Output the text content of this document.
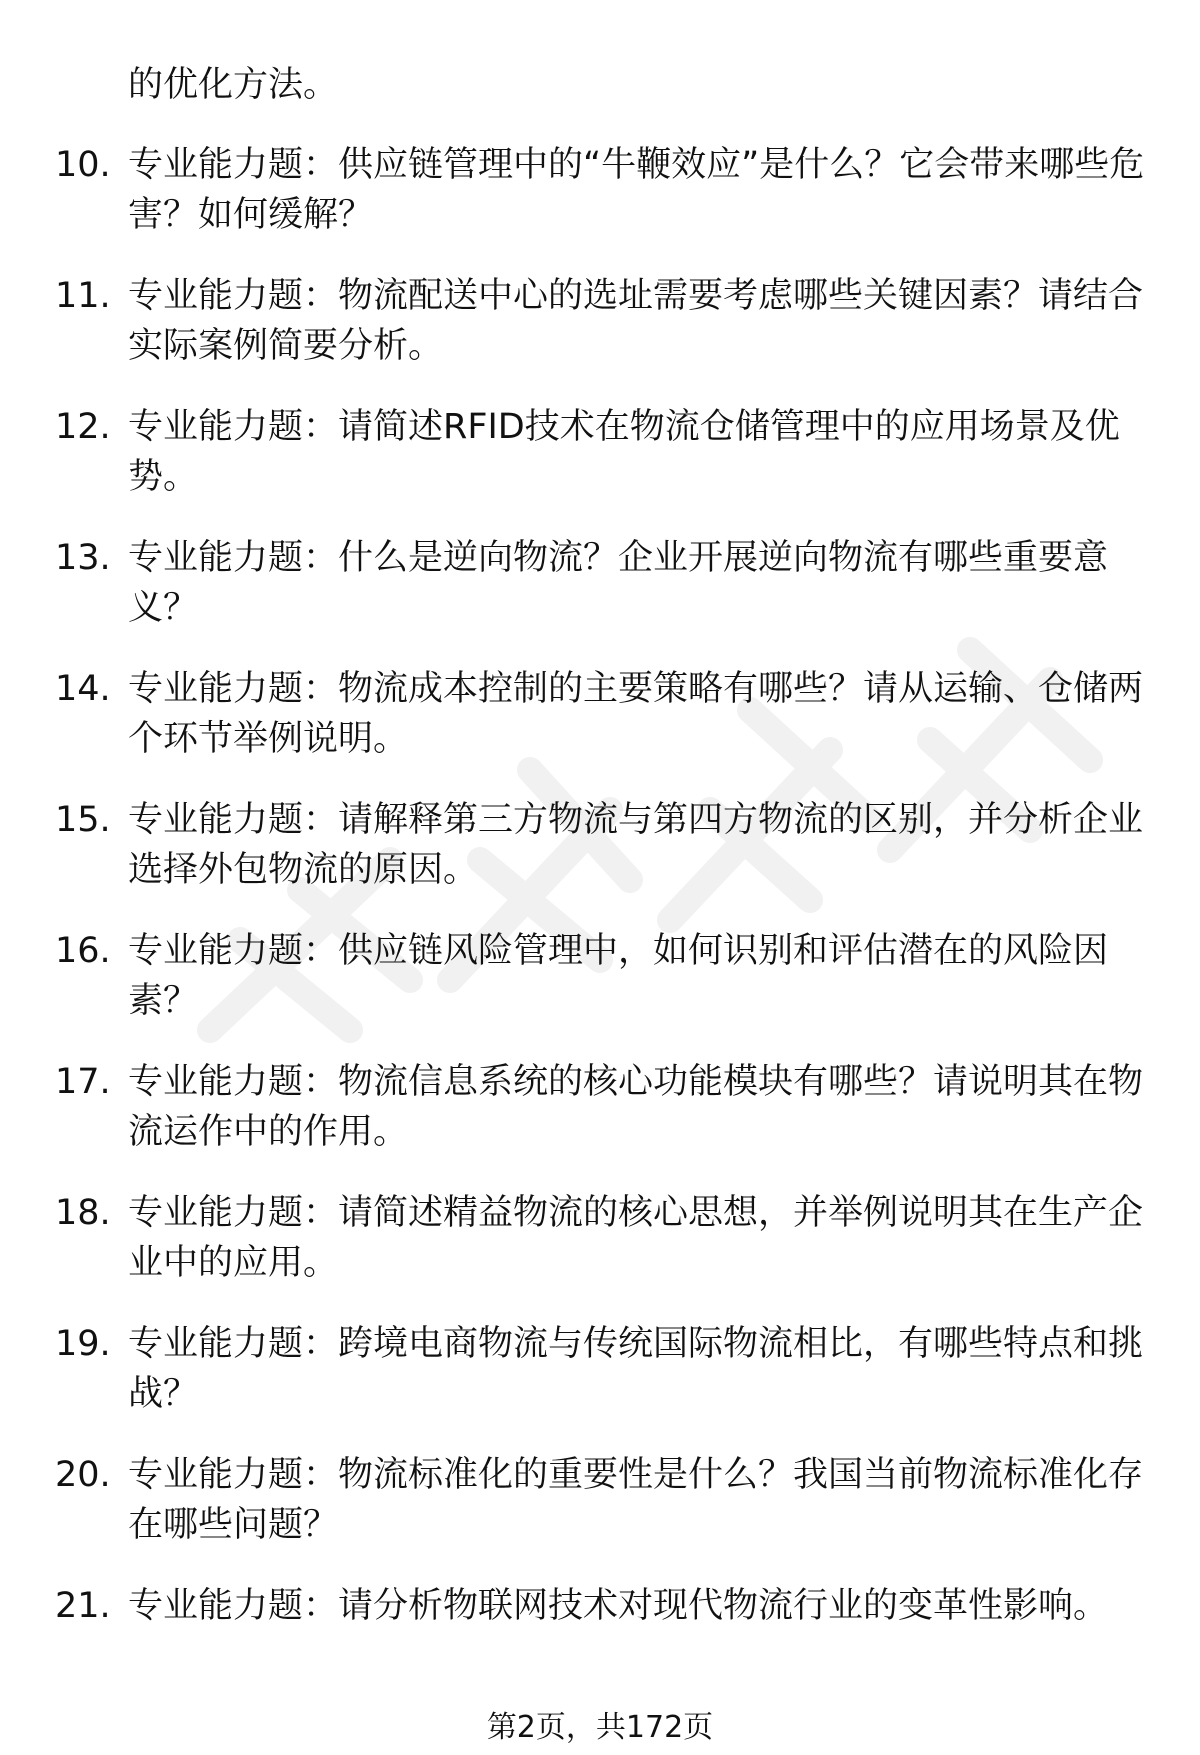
的优化方法。

10. 专业能力题：供应链管理中的“牛鞭效应”是什么？它会带来哪些危害？如何缓解？

11. 专业能力题：物流配送中心的选址需要考虑哪些关键因素？请结合实际案例简要分析。

12. 专业能力题：请简述RFID技术在物流仓储管理中的应用场景及优势。

13. 专业能力题：什么是逆向物流？企业开展逆向物流有哪些重要意义？

14. 专业能力题：物流成本控制的主要策略有哪些？请从运输、仓储两个环节举例说明。

15. 专业能力题：请解释第三方物流与第四方物流的区别，并分析企业选择外包物流的原因。

16. 专业能力题：供应链风险管理中，如何识别和评估潜在的风险因素？

17. 专业能力题：物流信息系统的核心功能模块有哪些？请说明其在物流运作中的作用。

18. 专业能力题：请简述精益物流的核心思想，并举例说明其在生产企业中的应用。

19. 专业能力题：跨境电商物流与传统国际物流相比，有哪些特点和挑战？

20. 专业能力题：物流标准化的重要性是什么？我国当前物流标准化存在哪些问题？

21. 专业能力题：请分析物联网技术对现代物流行业的变革性影响。

第2页，共172页
